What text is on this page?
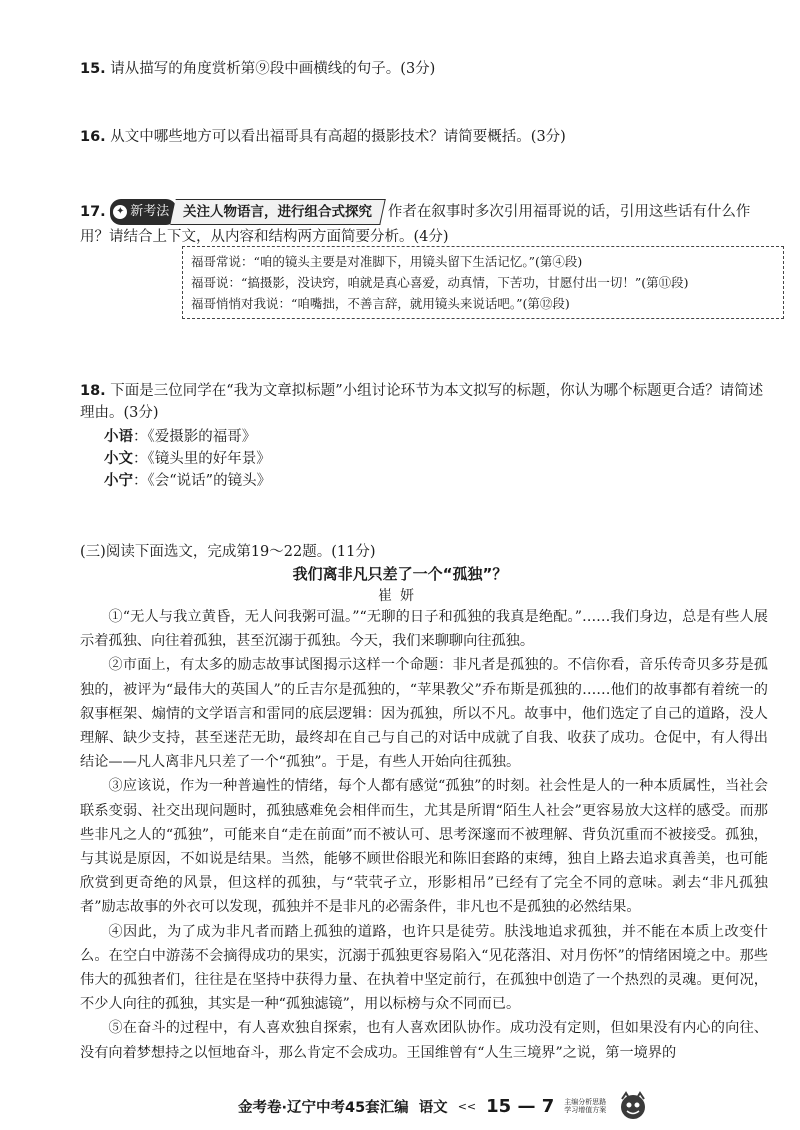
15. 请从描写的角度赏析第⑨段中画横线的句子。(3分)
16. 从文中哪些地方可以看出福哥具有高超的摄影技术？请简要概括。(3分)
17. ✦ 新考法	关注人物语言，进行组合式探究	作者在叙事时多次引用福哥说的话，引用这些话有什么作用？请结合上下文，从内容和结构两方面简要分析。(4分)
福哥常说：“咱的镜头主要是对准脚下，用镜头留下生活记忆。”(第④段)
福哥说：“搞摄影，没诀窍，咱就是真心喜爱，动真情，下苦功，甘愿付出一切！”(第⑪段)
福哥悄悄对我说：“咱嘴拙，不善言辞，就用镜头来说话吧。”(第⑫段)
18. 下面是三位同学在“我为文章拟标题”小组讨论环节为本文拟写的标题，你认为哪个标题更合适？请简述理由。(3分)
小语：《爱摄影的福哥》
小文：《镜头里的好年景》
小宁：《会“说话”的镜头》
(三)阅读下面选文，完成第19～22题。(11分)
我们离非凡只差了一个“孤独”？
崔妍

①“无人与我立黄昏，无人问我粥可温。”“无聊的日子和孤独的我真是绝配。”……我们身边，总是有些人展示着孤独、向往着孤独，甚至沉溺于孤独。今天，我们来聊聊向往孤独。

②市面上，有太多的励志故事试图揭示这样一个命题：非凡者是孤独的。不信你看，音乐传奇贝多芬是孤独的，被评为“最伟大的英国人”的丘吉尔是孤独的，“苹果教父”乔布斯是孤独的……他们的故事都有着统一的叙事框架、煽情的文学语言和雷同的底层逻辑：因为孤独，所以不凡。故事中，他们选定了自己的道路，没人理解、缺少支持，甚至迷茫无助，最终却在自己与自己的对话中成就了自我、收获了成功。仓促中，有人得出结论——凡人离非凡只差了一个“孤独”。于是，有些人开始向往孤独。

③应该说，作为一种普遍性的情绪，每个人都有感觉“孤独”的时刻。社会性是人的一种本质属性，当社会联系变弱、社交出现问题时，孤独感难免会相伴而生，尤其是所谓“陌生人社会”更容易放大这样的感受。而那些非凡之人的“孤独”，可能来自“走在前面”而不被认可、思考深邃而不被理解、背负沉重而不被接受。孤独，与其说是原因，不如说是结果。当然，能够不顾世俗眼光和陈旧套路的束缚，独自上路去追求真善美，也可能欣赏到更奇绝的风景，但这样的孤独，与“茕茕孑立，形影相吊”已经有了完全不同的意味。剥去“非凡孤独者”励志故事的外衣可以发现，孤独并不是非凡的必需条件，非凡也不是孤独的必然结果。

④因此，为了成为非凡者而踏上孤独的道路，也许只是徒劳。肤浅地追求孤独，并不能在本质上改变什么。在空白中游荡不会摘得成功的果实，沉溺于孤独更容易陷入“见花落泪、对月伤怀”的情绪困境之中。那些伟大的孤独者们，往往是在坚持中获得力量、在执着中坚定前行，在孤独中创造了一个热烈的灵魂。更何况，不少人向往的孤独，其实是一种“孤独滤镜”，用以标榜与众不同而已。

⑤在奋斗的过程中，有人喜欢独自探索，也有人喜欢团队协作。成功没有定则，但如果没有内心的向往、没有向着梦想持之以恒地奋斗，那么肯定不会成功。王国维曾有“人生三境界”之说，第一境界的

金考卷·辽宁中考45套汇编 语文 << 15 — 7 主编分析思路
学习增值方案
